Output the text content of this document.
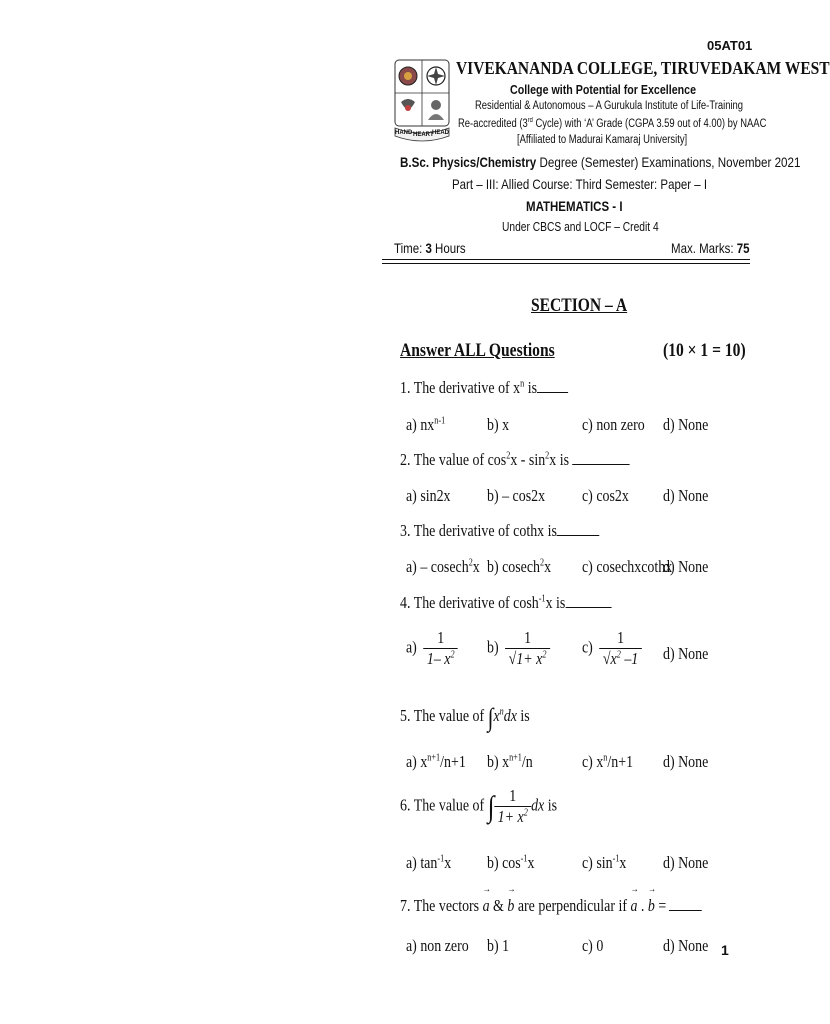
05AT01
HAND HEART
HEAD
VIVEKANANDA COLLEGE, TIRUVEDAKAM WEST
College with Potential for Excellence
Residential & Autonomous – A Gurukula Institute of Life-Training
Re-accredited (3rd Cycle) with ‘A’ Grade (CGPA 3.59 out of 4.00) by NAAC
[Affiliated to Madurai Kamaraj University]
B.Sc. Physics/Chemistry Degree (Semester) Examinations, November 2021
Part – III: Allied Course: Third Semester: Paper – I
MATHEMATICS - I
Under CBCS and LOCF – Credit 4
Time: 3 Hours	Max. Marks: 75
SECTION – A
Answer ALL Questions	(10 × 1 = 10)
1. The derivative of $x^n$ is
a) $nx^{n-1}$ b) x	c) non zero d) None
2. The value of $\cos^2x - \sin^2x$ is
a) sin2x b) – cos2x c) cos2x d) None
3. The derivative of cothx is
a) – cosech$^2$x b) cosech$^2$x c) cosechxcothx
d) None
4. The derivative of $\cosh^{-1}x$ is
$a) \frac{1}{1- x^2} b) \frac{1}{√1+ x^2} c) \frac{1}{√x^2 -1} d$) None
5. The value of $\int x^ndx$ is
a) $x^{n+1}/n+1$ b) $x^{n+1}/n$	c) $x^n/n+1$ d) None
6. The value of ∫ $\frac{1}{1+ x^2}$ dx is
a) $\tan^{-1}x$ b) $\cos^{-1}x$	c) $\sin^{-1}x$ d) None
7. The vectors
→
a &
→
b are perpendicular if
→
a .
→
b =
a) non zero b) 1	c) 0	d) None 1
